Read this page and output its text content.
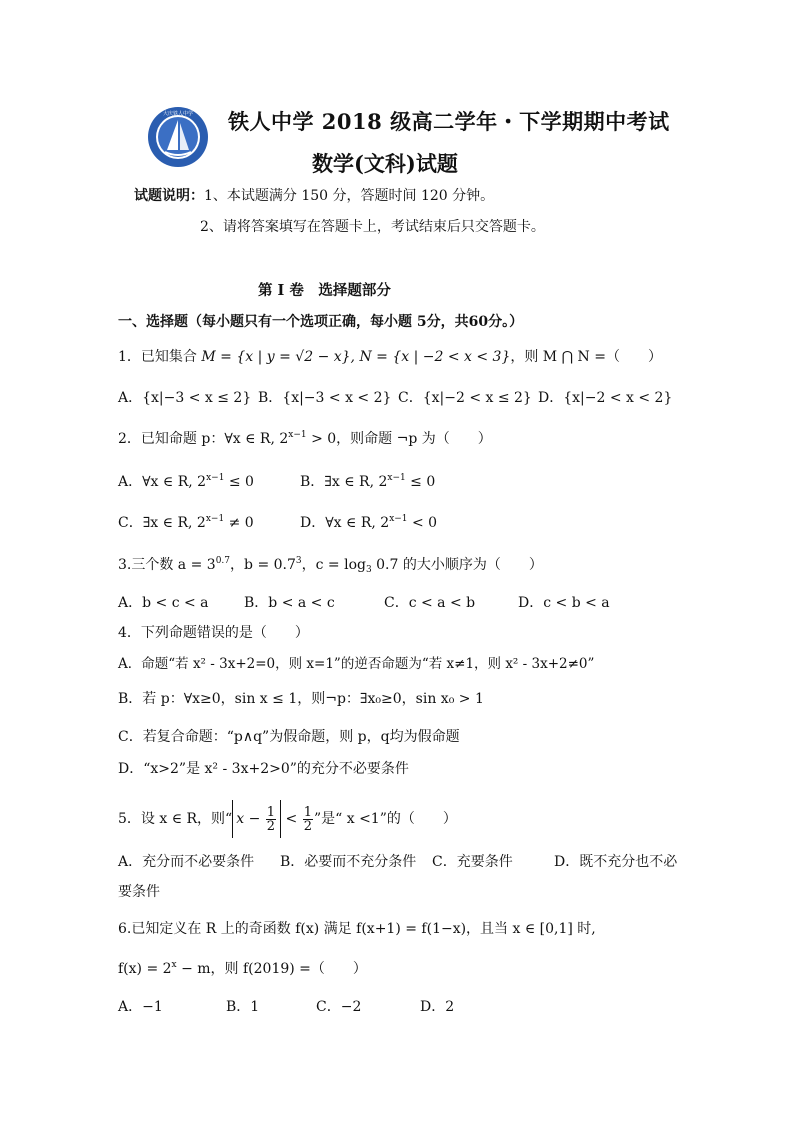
大庆铁人中学 铁人中学 2018 级高二学年・下学期期中考试
数学(文科)试题
试题说明：1、本试题满分 150 分，答题时间 120 分钟。
2、请将答案填写在答题卡上，考试结束后只交答题卡。
第 I 卷　选择题部分
一、选择题（每小题只有一个选项正确，每小题 5分，共60分。）
1．已知集合 M = {x | y = √2 − x}, N = {x | −2 < x < 3}，则 M ⋂ N =（　　）
A．{x|−3 < x ≤ 2} B．{x|−3 < x < 2} C．{x|−2 < x ≤ 2} D．{x|−2 < x < 2}
2．已知命题 p：∀x ∈ R, $2^{x-1} > 0$，则命题 ¬p 为（　　）
A．∀x ∈ R, $2^{x-1} \le 0$	B．∃x ∈ R, $2^{x-1} \le 0$
C．∃x ∈ R, $2^{x-1} \ne 0$	D．∀x ∈ R, $2^{x-1} < 0$
3.三个数 $a = 3^{0.7}$，$b = 0.7^3$，$c = \log_3 0.7$ 的大小顺序为（　　）
A．b < c < a	B．b < a < c	C．c < a < b	D．c < b < a
4．下列命题错误的是（　　）
A．命题“若 x² - 3x+2=0，则 x=1”的逆否命题为“若 x≠1，则 x² - 3x+2≠0”
B．若 p：∀x≥0，sin x ≤ 1，则¬p：∃x₀≥0，sin x₀ > 1
C．若复合命题：“p∧q”为假命题，则 p，q均为假命题
D．“x>2”是 x² - 3x+2>0”的充分不必要条件
5．设 x ∈ R，则“ $x - \frac{1}{2} < \frac{1}{2}$ ”是“ x <1”的（　　）
A．充分而不必要条件 B．必要而不充分条件 C．充要条件	D．既不充分也不必
要条件
6.已知定义在 R 上的奇函数 f(x) 满足 f(x+1) = f(1−x)，且当 x ∈ [0,1] 时,
$f(x) = 2^x - m$，则 f(2019) =（　　）
A．−1	B．1	C．−2	D．2
